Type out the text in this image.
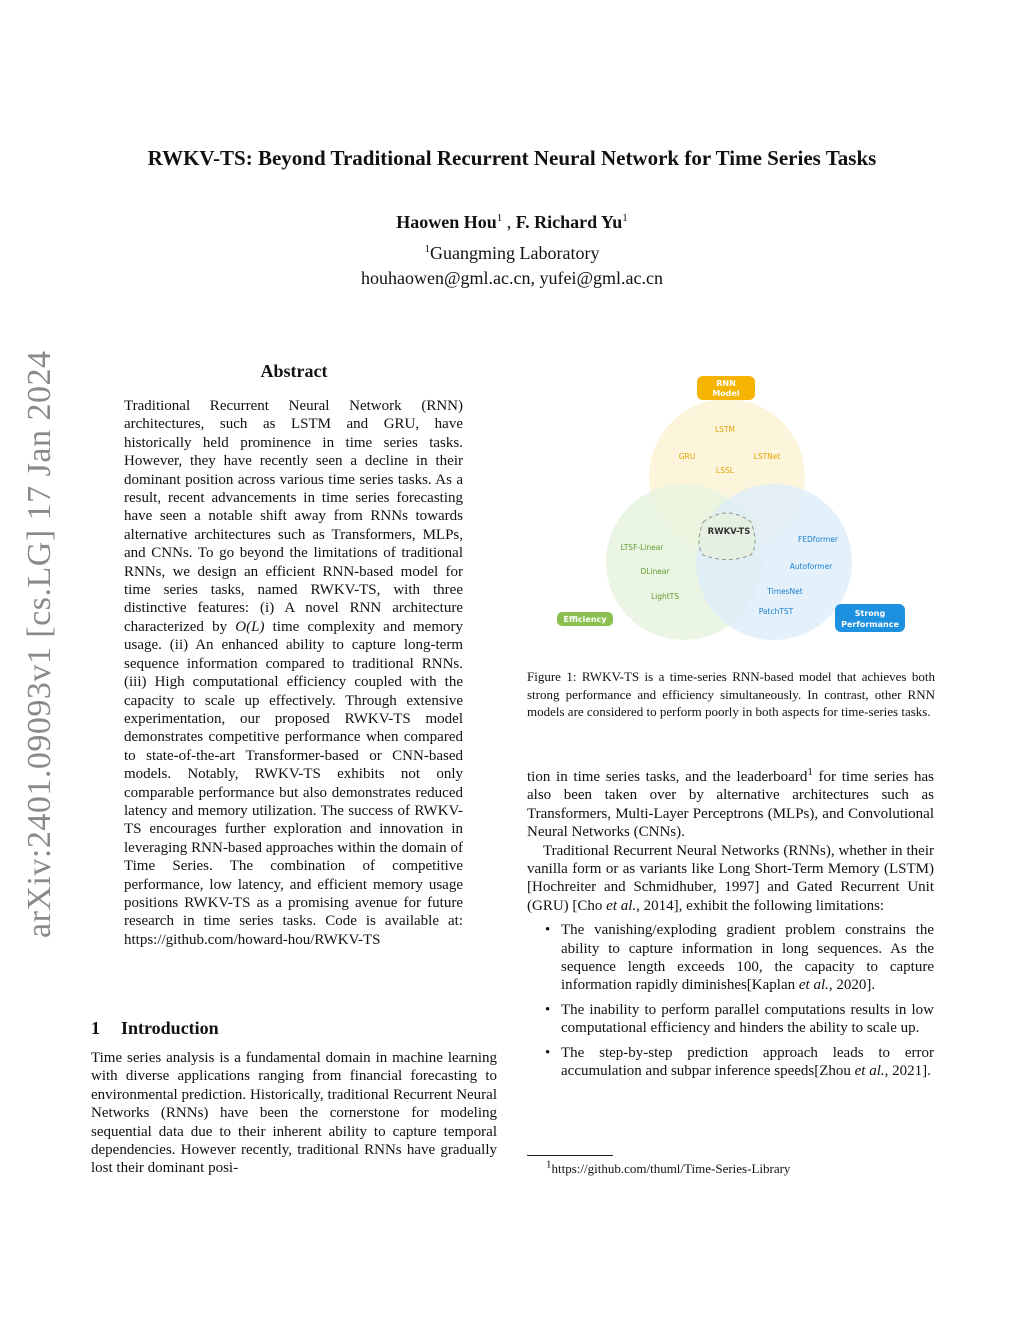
arXiv:2401.09093v1 [cs.LG] 17 Jan 2024
RWKV-TS: Beyond Traditional Recurrent Neural Network for Time Series Tasks
Haowen Hou$^1$ , F. Richard Yu$^1$
$^1$Guangming Laboratory
houhaowen@gml.ac.cn, yufei@gml.ac.cn
Abstract
Traditional Recurrent Neural Network (RNN) architectures, such as LSTM and GRU, have historically held prominence in time series tasks. However, they have recently seen a decline in their dominant position across various time series tasks. As a result, recent advancements in time series forecasting have seen a notable shift away from RNNs towards alternative architectures such as Transformers, MLPs, and CNNs. To go beyond the limitations of traditional RNNs, we design an efficient RNN-based model for time series tasks, named RWKV-TS, with three distinctive features: (i) A novel RNN architecture characterized by O(L) time complexity and memory usage. (ii) An enhanced ability to capture long-term sequence information compared to traditional RNNs. (iii) High computational efficiency coupled with the capacity to scale up effectively. Through extensive experimentation, our proposed RWKV-TS model demonstrates competitive performance when compared to state-of-the-art Transformer-based or CNN-based models. Notably, RWKV-TS exhibits not only comparable performance but also demonstrates reduced latency and memory utilization. The success of RWKV-TS encourages further exploration and innovation in leveraging RNN-based approaches within the domain of Time Series. The combination of competitive performance, low latency, and efficient memory usage positions RWKV-TS as a promising avenue for future research in time series tasks. Code is available at: https://github.com/howard-hou/RWKV-TS
1 Introduction
Time series analysis is a fundamental domain in machine learning with diverse applications ranging from financial forecasting to environmental prediction. Historically, traditional Recurrent Neural Networks (RNNs) have been the cornerstone for modeling sequential data due to their inherent ability to capture temporal dependencies. However recently, traditional RNNs have gradually lost their dominant posi-
RNN
Model
Efficiency
Strong
Performance
RWKV-TS
LSTM
GRU	LSTNet
LSSL
LTSF-Linear
DLinear
LightTS
FEDformer
Autoformer
TimesNet
PatchTST
Figure 1: RWKV-TS is a time-series RNN-based model that achieves both strong performance and efficiency simultaneously. In contrast, other RNN models are considered to perform poorly in both aspects for time-series tasks.

tion in time series tasks, and the leaderboard$^1$ for time series has also been taken over by alternative architectures such as Transformers, Multi-Layer Perceptrons (MLPs), and Convolutional Neural Networks (CNNs).

Traditional Recurrent Neural Networks (RNNs), whether in their vanilla form or as variants like Long Short-Term Memory (LSTM)[Hochreiter and Schmidhuber, 1997] and Gated Recurrent Unit (GRU) [Cho et al., 2014], exhibit the following limitations:

• The vanishing/exploding gradient problem constrains the ability to capture information in long sequences. As the sequence length exceeds 100, the capacity to capture information rapidly diminishes[Kaplan et al., 2020].
• The inability to perform parallel computations results in low computational efficiency and hinders the ability to scale up.
• The step-by-step prediction approach leads to error accumulation and subpar inference speeds[Zhou et al., 2021].
$^1$https://github.com/thuml/Time-Series-Library
